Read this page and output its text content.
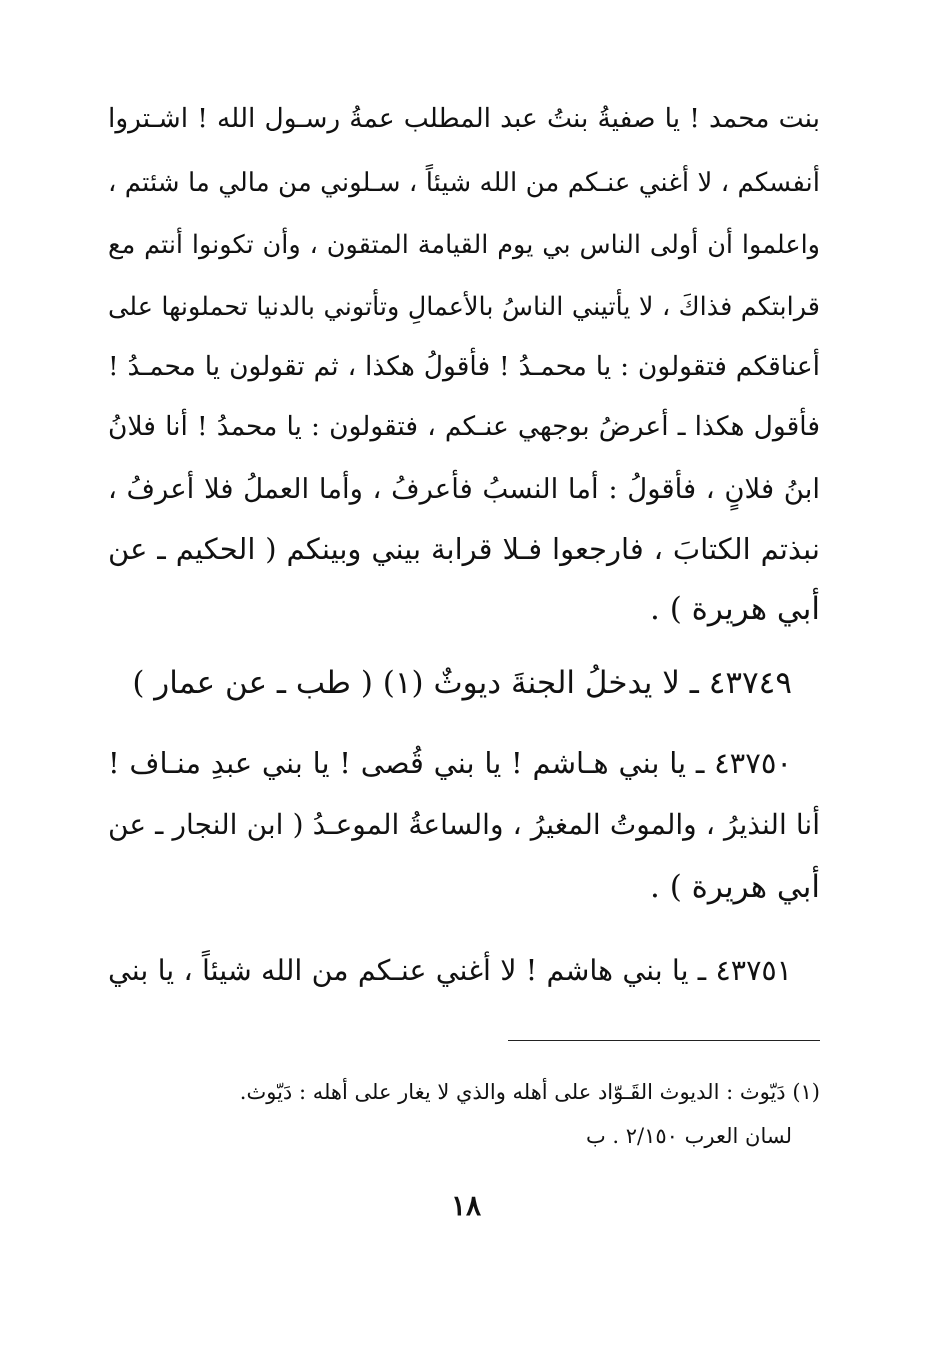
بنت محمد ! يا صفيةُ بنتُ عبد المطلب عمةُ رسـول الله ! اشـتروا
أنفسكم ، لا أغني عنـكم من الله شيئاً ، سـلوني من مالي ما شئتم ،
واعلموا أن أولى الناس بي يوم القيامة المتقون ، وأن تكونوا أنتم مع
قرابتكم فذاكَ ، لا يأتيني الناسُ بالأعمالِ وتأتوني بالدنيا تحملونها على
أعناقكم فتقولون : يا محمـدُ ! فأقولُ هكذا ، ثم تقولون يا محمـدُ !
فأقول هكذا ـ أعرضُ بوجهي عنـكم ، فتقولون : يا محمدُ ! أنا فلانُ
ابنُ فلانٍ ، فأقولُ : أما النسبُ فأعرفُ ، وأما العملُ فلا أعرفُ ،
نبذتم الكتابَ ، فارجعوا فـلا قرابة بيني وبينكم ( الحكيم ـ عن
أبي هريرة ) .
٤٣٧٤٩ ـ لا يدخلُ الجنةَ ديوثٌ (١) ( طب ـ عن عمار )
٤٣٧٥٠ ـ يا بني هـاشم ! يا بني قُصى ! يا بني عبدِ منـاف !
أنا النذيرُ ، والموتُ المغيرُ ، والساعةُ الموعـدُ ( ابن النجار ـ عن
أبي هريرة ) .
٤٣٧٥١ ـ يا بني هاشم ! لا أغني عنـكم من الله شيئاً ، يا بني
(١) دَيّوث : الديوث القَـوّاد على أهله والذي لا يغار على أهله : دَيّوث.
لسان العرب ٢/١٥٠ . ب
١٨
